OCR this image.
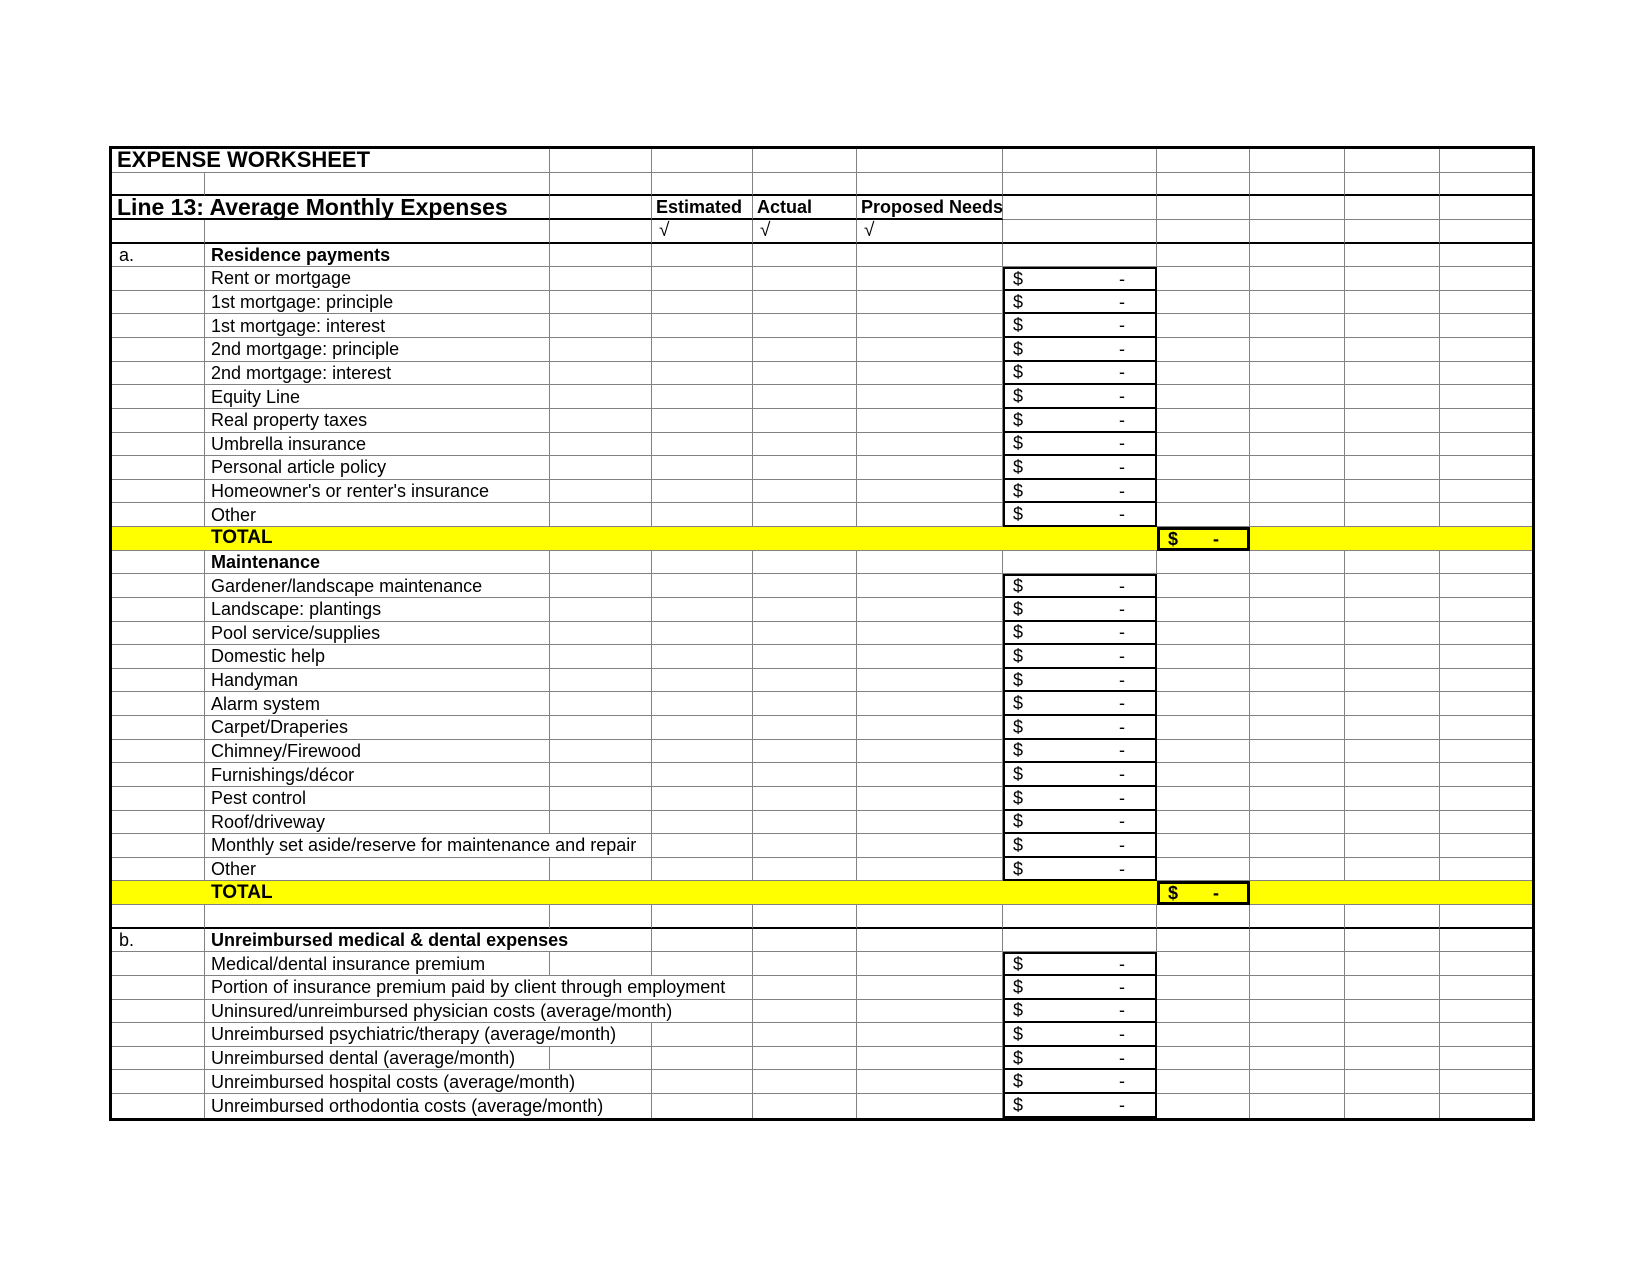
EXPENSE WORKSHEET
Line 13: Average Monthly Expenses	Estimated Actual	Proposed Needs
√	√	√
a.	Residence payments
Rent or mortgage	$	-
1st mortgage: principle	$	-
1st mortgage: interest	$	-
2nd mortgage: principle	$	-
2nd mortgage: interest	$	-
Equity Line	$	-
Real property taxes	$	-
Umbrella insurance	$	-
Personal article policy	$	-
Homeowner's or renter's insurance	$	-
Other	$	-
TOTAL	$ -
Maintenance
Gardener/landscape maintenance	$	-
Landscape: plantings	$	-
Pool service/supplies	$	-
Domestic help	$	-
Handyman	$	-
Alarm system	$	-
Carpet/Draperies	$	-
Chimney/Firewood	$	-
Furnishings/décor	$	-
Pest control	$	-
Roof/driveway	$	-
Monthly set aside/reserve for maintenance and repair	$	-
Other	$	-
TOTAL	$ -
b.	Unreimbursed medical & dental expenses
Medical/dental insurance premium	$	-
Portion of insurance premium paid by client through employment	$	-
Uninsured/unreimbursed physician costs (average/month)	$	-
Unreimbursed psychiatric/therapy (average/month)	$	-
Unreimbursed dental (average/month)	$	-
Unreimbursed hospital costs (average/month)	$	-
Unreimbursed orthodontia costs (average/month)	$	-
